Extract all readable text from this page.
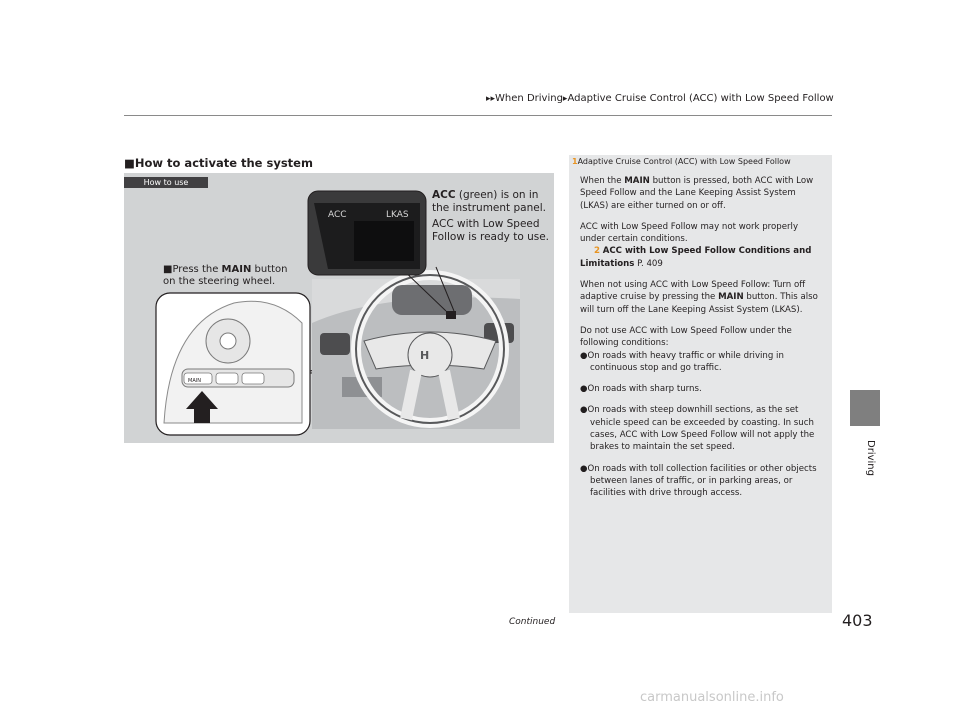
▸▸When Driving▸Adaptive Cruise Control (ACC) with Low Speed Follow
Driving
■How to activate the system
How to use
MAIN
H
ACC	LKAS

ACC (green) is on in the instrument panel.

ACC with Low Speed Follow is ready to use.

■Press the MAIN button on the steering wheel.
1Adaptive Cruise Control (ACC) with Low Speed Follow

When the MAIN button is pressed, both ACC with Low Speed Follow and the Lane Keeping Assist System (LKAS) are either turned on or off.

ACC with Low Speed Follow may not work properly under certain conditions.
2 ACC with Low Speed Follow Conditions and Limitations P. 409

When not using ACC with Low Speed Follow: Turn off adaptive cruise by pressing the MAIN button. This also will turn off the Lane Keeping Assist System (LKAS).

Do not use ACC with Low Speed Follow under the following conditions:

●On roads with heavy traffic or while driving in continuous stop and go traffic.

●On roads with sharp turns.

●On roads with steep downhill sections, as the set vehicle speed can be exceeded by coasting. In such cases, ACC with Low Speed Follow will not apply the brakes to maintain the set speed.

●On roads with toll collection facilities or other objects between lanes of traffic, or in parking areas, or facilities with drive through access.

Continued	403
carmanualsonline.info
